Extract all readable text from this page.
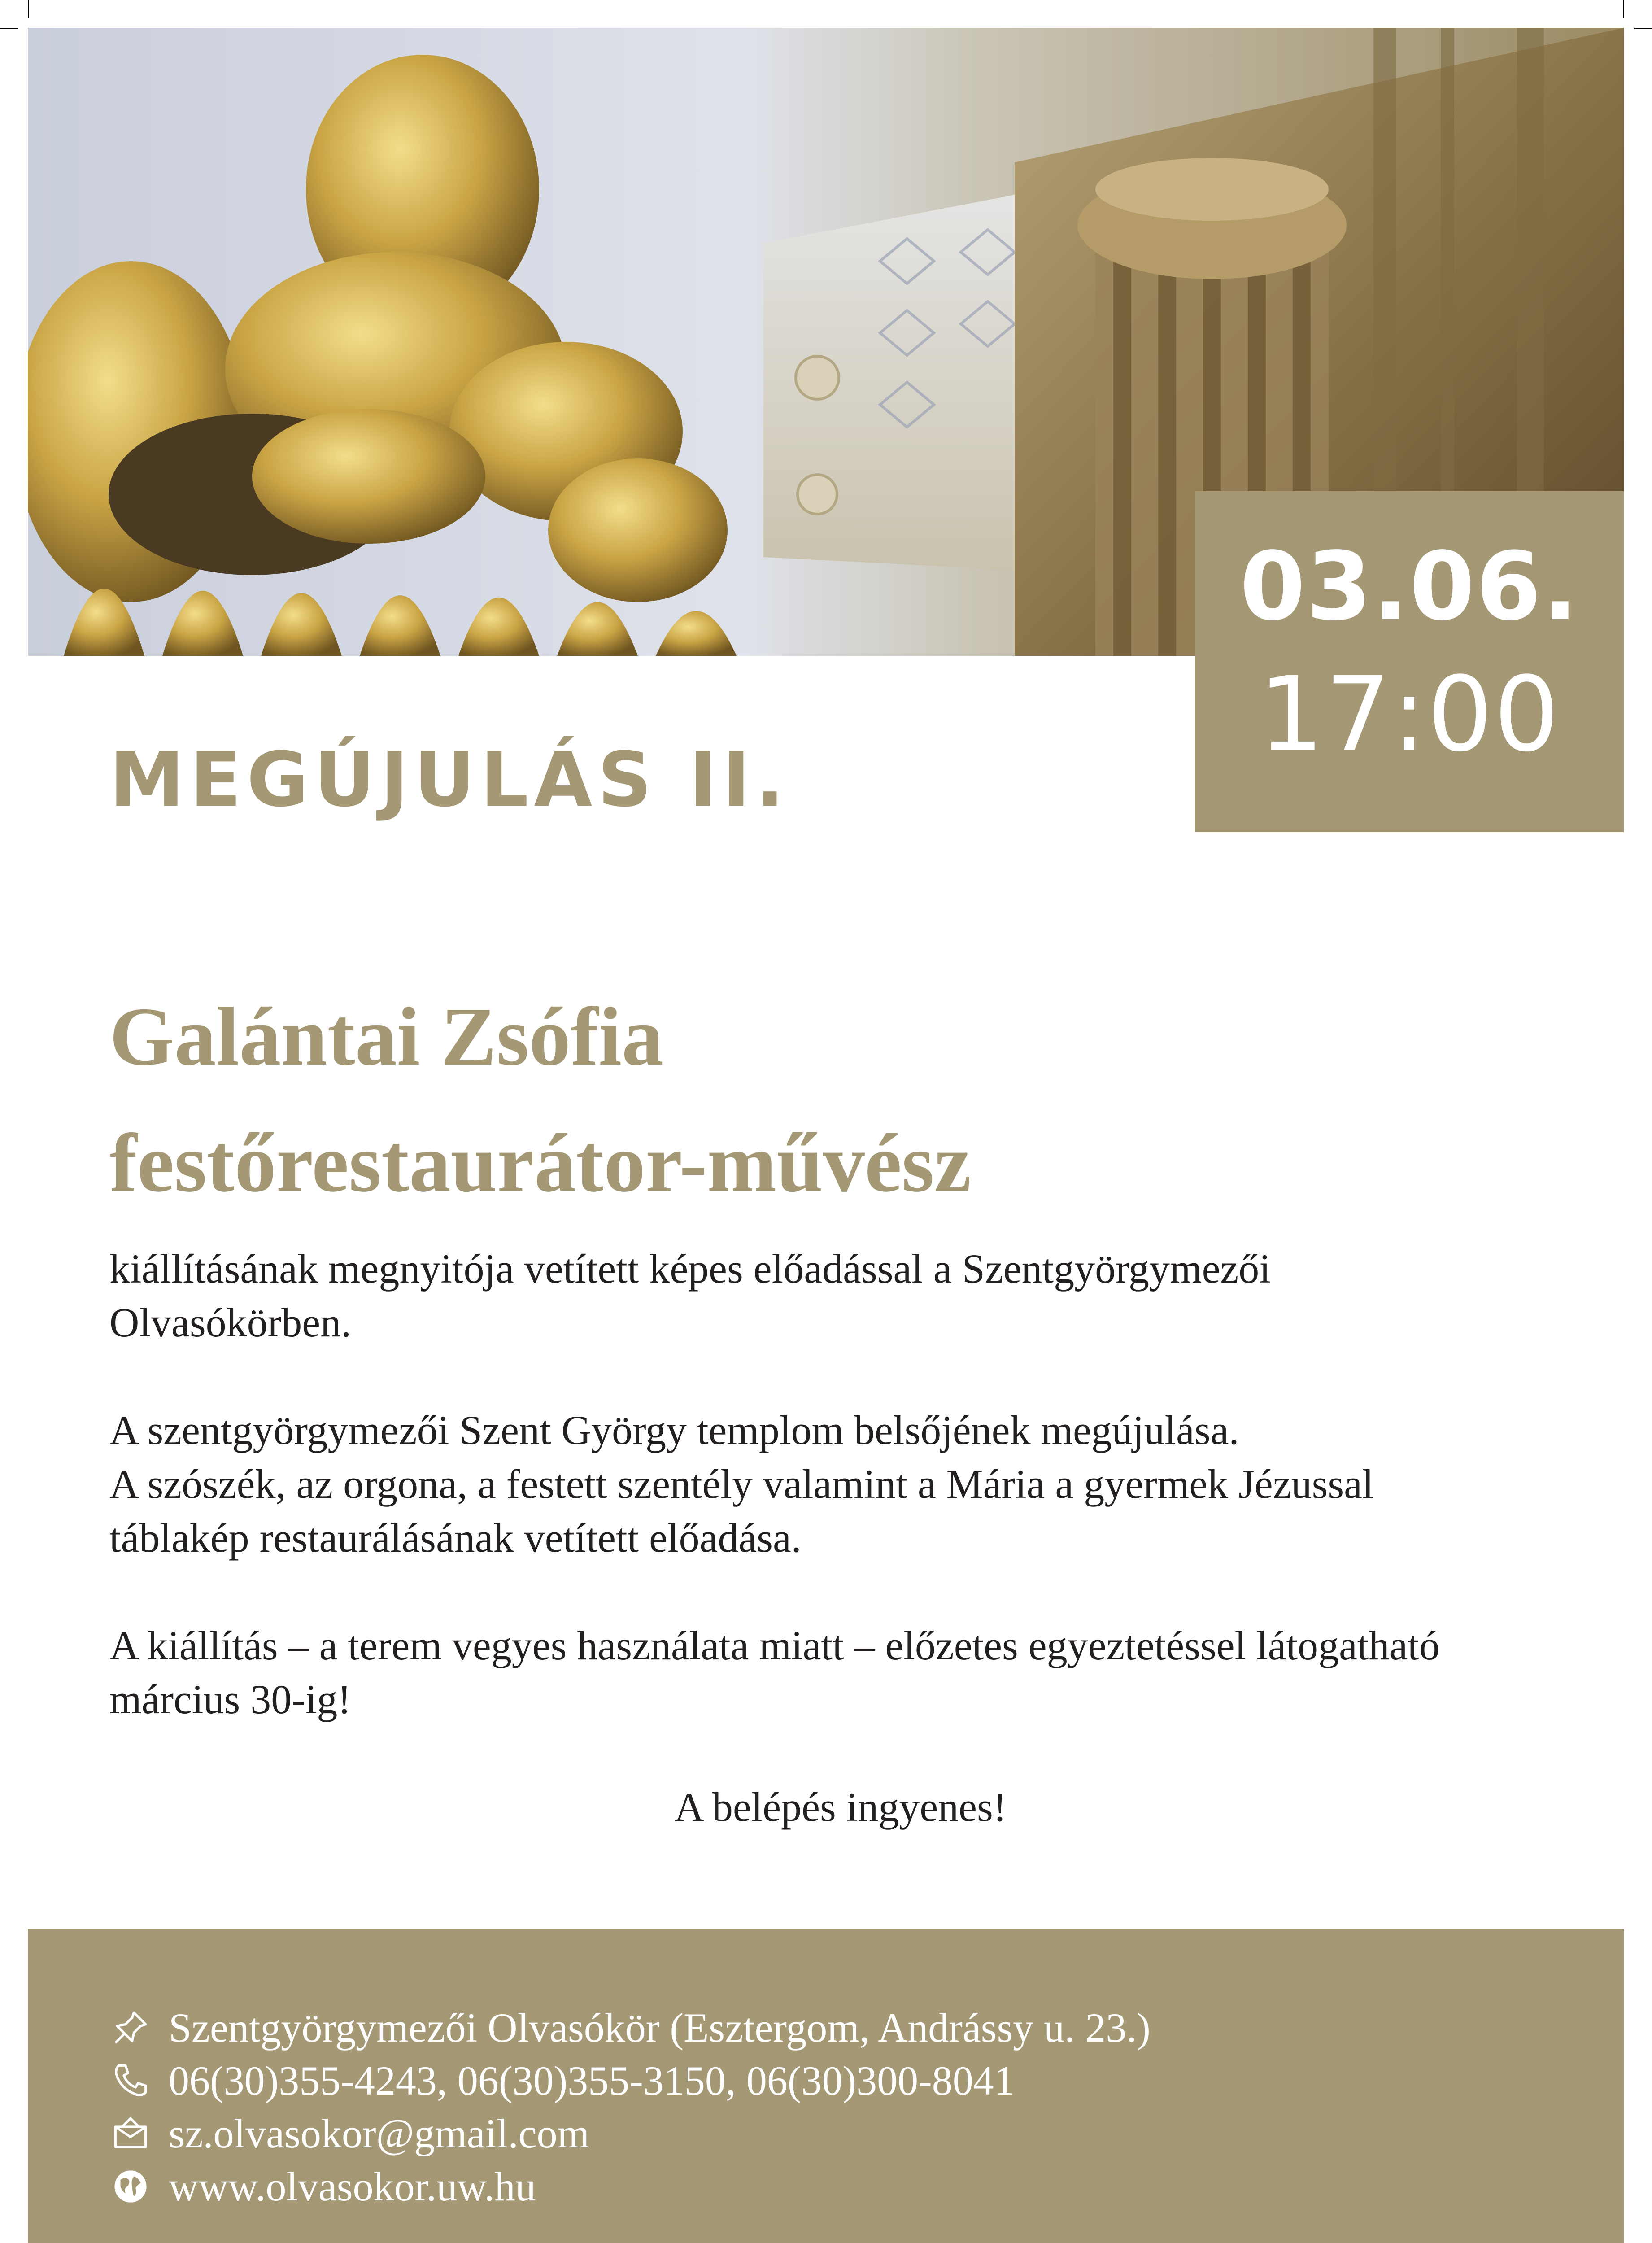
03.06.
17:00
MEGÚJULÁS II.
Galántai Zsófia
festőrestaurátor-művész

kiállításának megnyitója vetített képes előadással a Szentgyörgymezői
Olvasókörben.

A szentgyörgymezői Szent György templom belsőjének megújulása.
A szószék, az orgona, a festett szentély valamint a Mária a gyermek Jézussal
táblakép restaurálásának vetített előadása.

A kiállítás – a terem vegyes használata miatt – előzetes egyeztetéssel látogatható
március 30-ig!

A belépés ingyenes!

Szentgyörgymezői Olvasókör (Esztergom, Andrássy u. 23.)
06(30)355-4243, 06(30)355-3150, 06(30)300-8041
sz.olvasokor@gmail.com
www.olvasokor.uw.hu
